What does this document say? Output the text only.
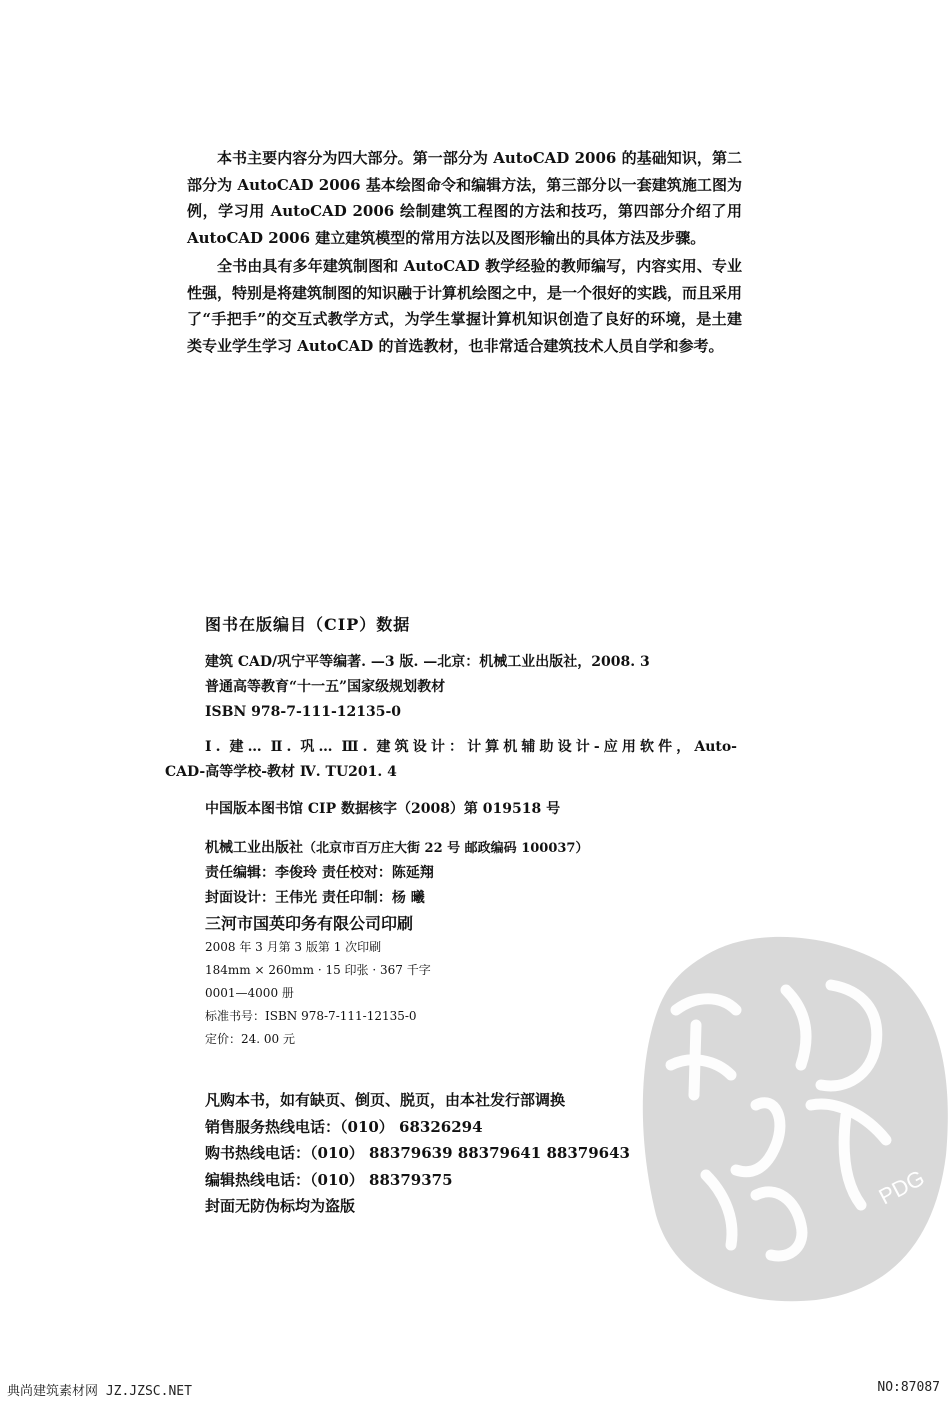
本书主要内容分为四大部分。第一部分为 AutoCAD 2006 的基础知识，第二部分为 AutoCAD 2006 基本绘图命令和编辑方法，第三部分以一套建筑施工图为例，学习用 AutoCAD 2006 绘制建筑工程图的方法和技巧，第四部分介绍了用 AutoCAD 2006 建立建筑模型的常用方法以及图形输出的具体方法及步骤。

全书由具有多年建筑制图和 AutoCAD 教学经验的教师编写，内容实用、专业性强，特别是将建筑制图的知识融于计算机绘图之中，是一个很好的实践，而且采用了“手把手”的交互式教学方式，为学生掌握计算机知识创造了良好的环境，是土建类专业学生学习 AutoCAD 的首选教材，也非常适合建筑技术人员自学和参考。

图书在版编目（CIP）数据
建筑 CAD/巩宁平等编著. —3 版. —北京：机械工业出版社，2008. 3
普通高等教育“十一五”国家级规划教材
ISBN 978-7-111-12135-0
Ⅰ. 建… Ⅱ. 巩… Ⅲ. 建筑设计：计算机辅助设计-应用软件，Auto-
CAD-高等学校-教材 Ⅳ. TU201. 4
中国版本图书馆 CIP 数据核字（2008）第 019518 号
机械工业出版社（北京市百万庄大街 22 号 邮政编码 100037）
责任编辑：李俊玲 责任校对：陈延翔
封面设计：王伟光 责任印制：杨 曦
三河市国英印务有限公司印刷
2008 年 3 月第 3 版第 1 次印刷
184mm × 260mm · 15 印张 · 367 千字
0001—4000 册
标准书号：ISBN 978-7-111-12135-0
定价：24. 00 元
凡购本书，如有缺页、倒页、脱页，由本社发行部调换
销售服务热线电话：（010） 68326294
购书热线电话：（010） 88379639 88379641 88379643
编辑热线电话：（010） 88379375
封面无防伪标均为盗版	PDG
典尚建筑素材网 JZ.JZSC.NET	NO:87087
